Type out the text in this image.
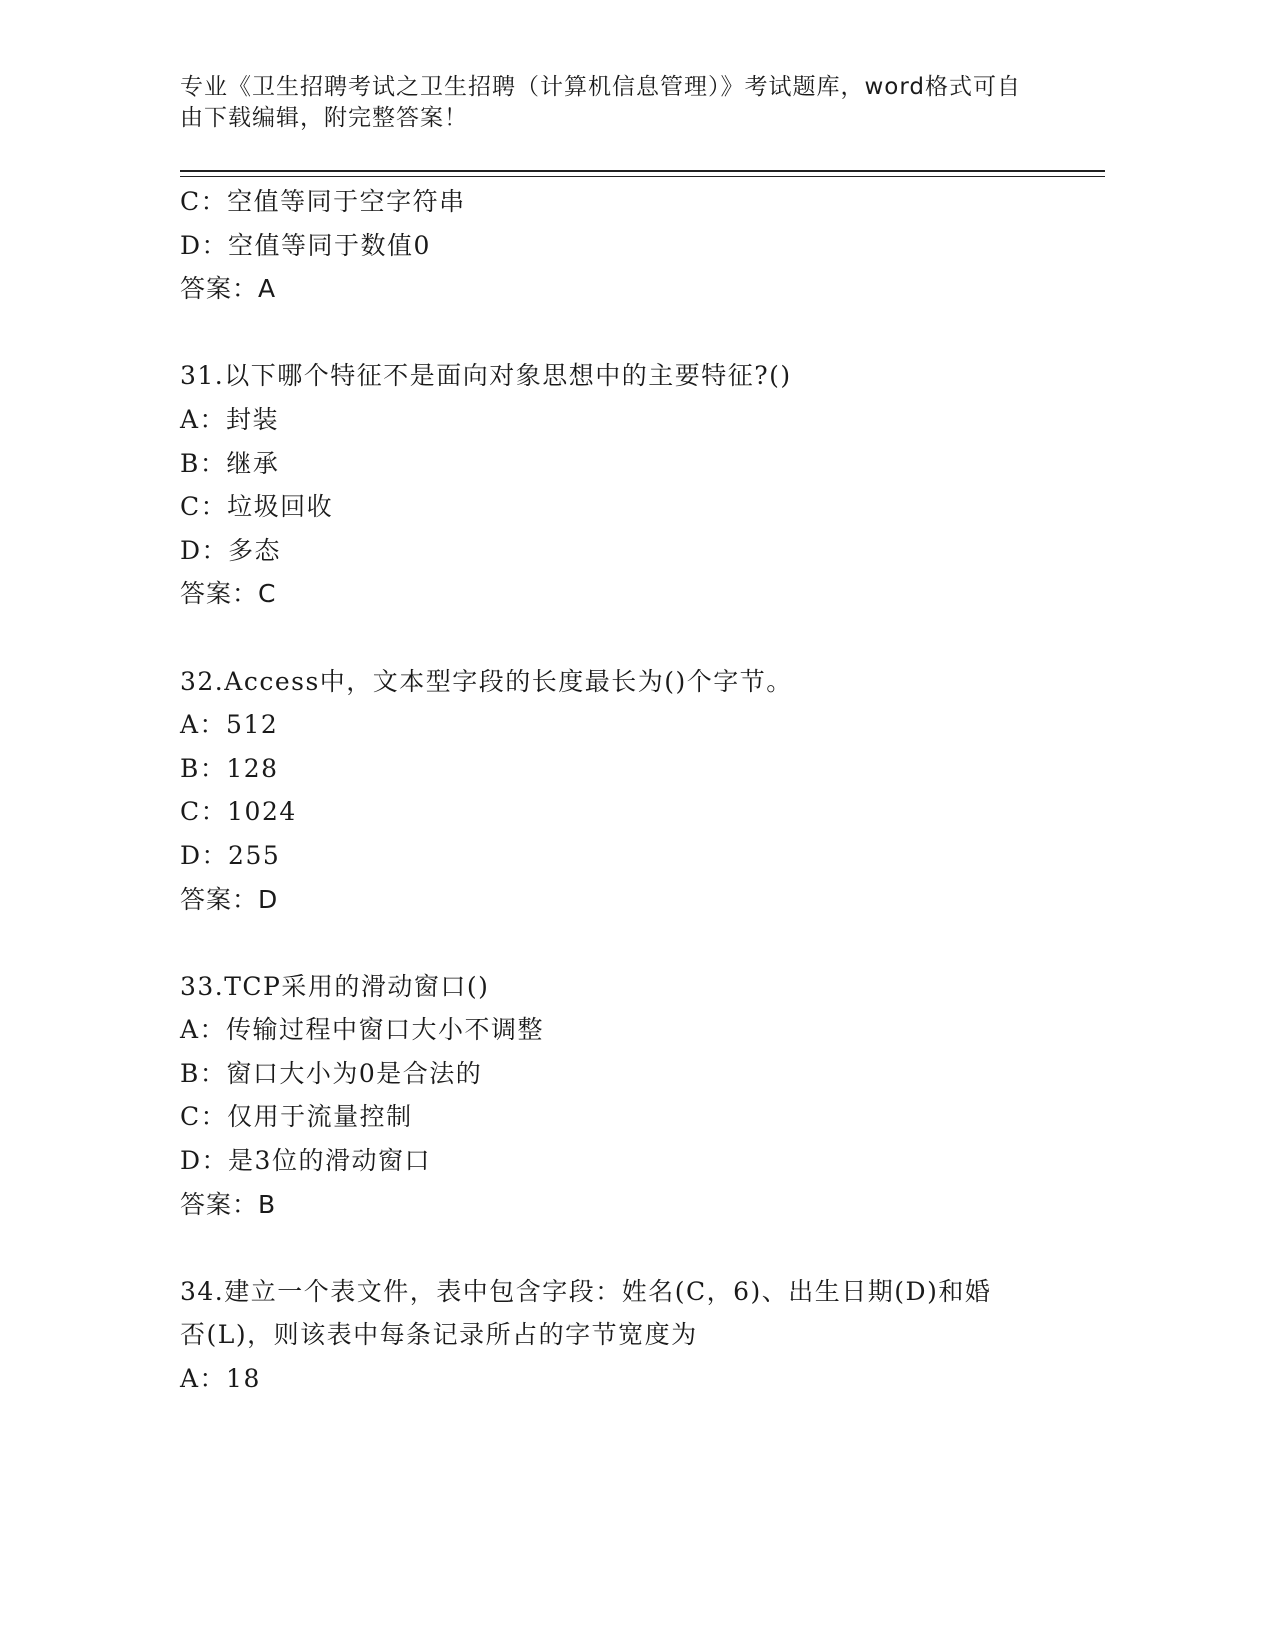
专业《卫生招聘考试之卫生招聘（计算机信息管理）》考试题库，word格式可自
由下载编辑，附完整答案！
C：空值等同于空字符串
D：空值等同于数值0
答案：A
31.以下哪个特征不是面向对象思想中的主要特征?()
A：封装
B：继承
C：垃圾回收
D：多态
答案：C
32.Access中，文本型字段的长度最长为()个字节。
A：512
B：128
C：1024
D：255
答案：D
33.TCP采用的滑动窗口()
A：传输过程中窗口大小不调整
B：窗口大小为0是合法的
C：仅用于流量控制
D：是3位的滑动窗口
答案：B
34.建立一个表文件，表中包含字段：姓名(C，6)、出生日期(D)和婚
否(L)，则该表中每条记录所占的字节宽度为
A：18
